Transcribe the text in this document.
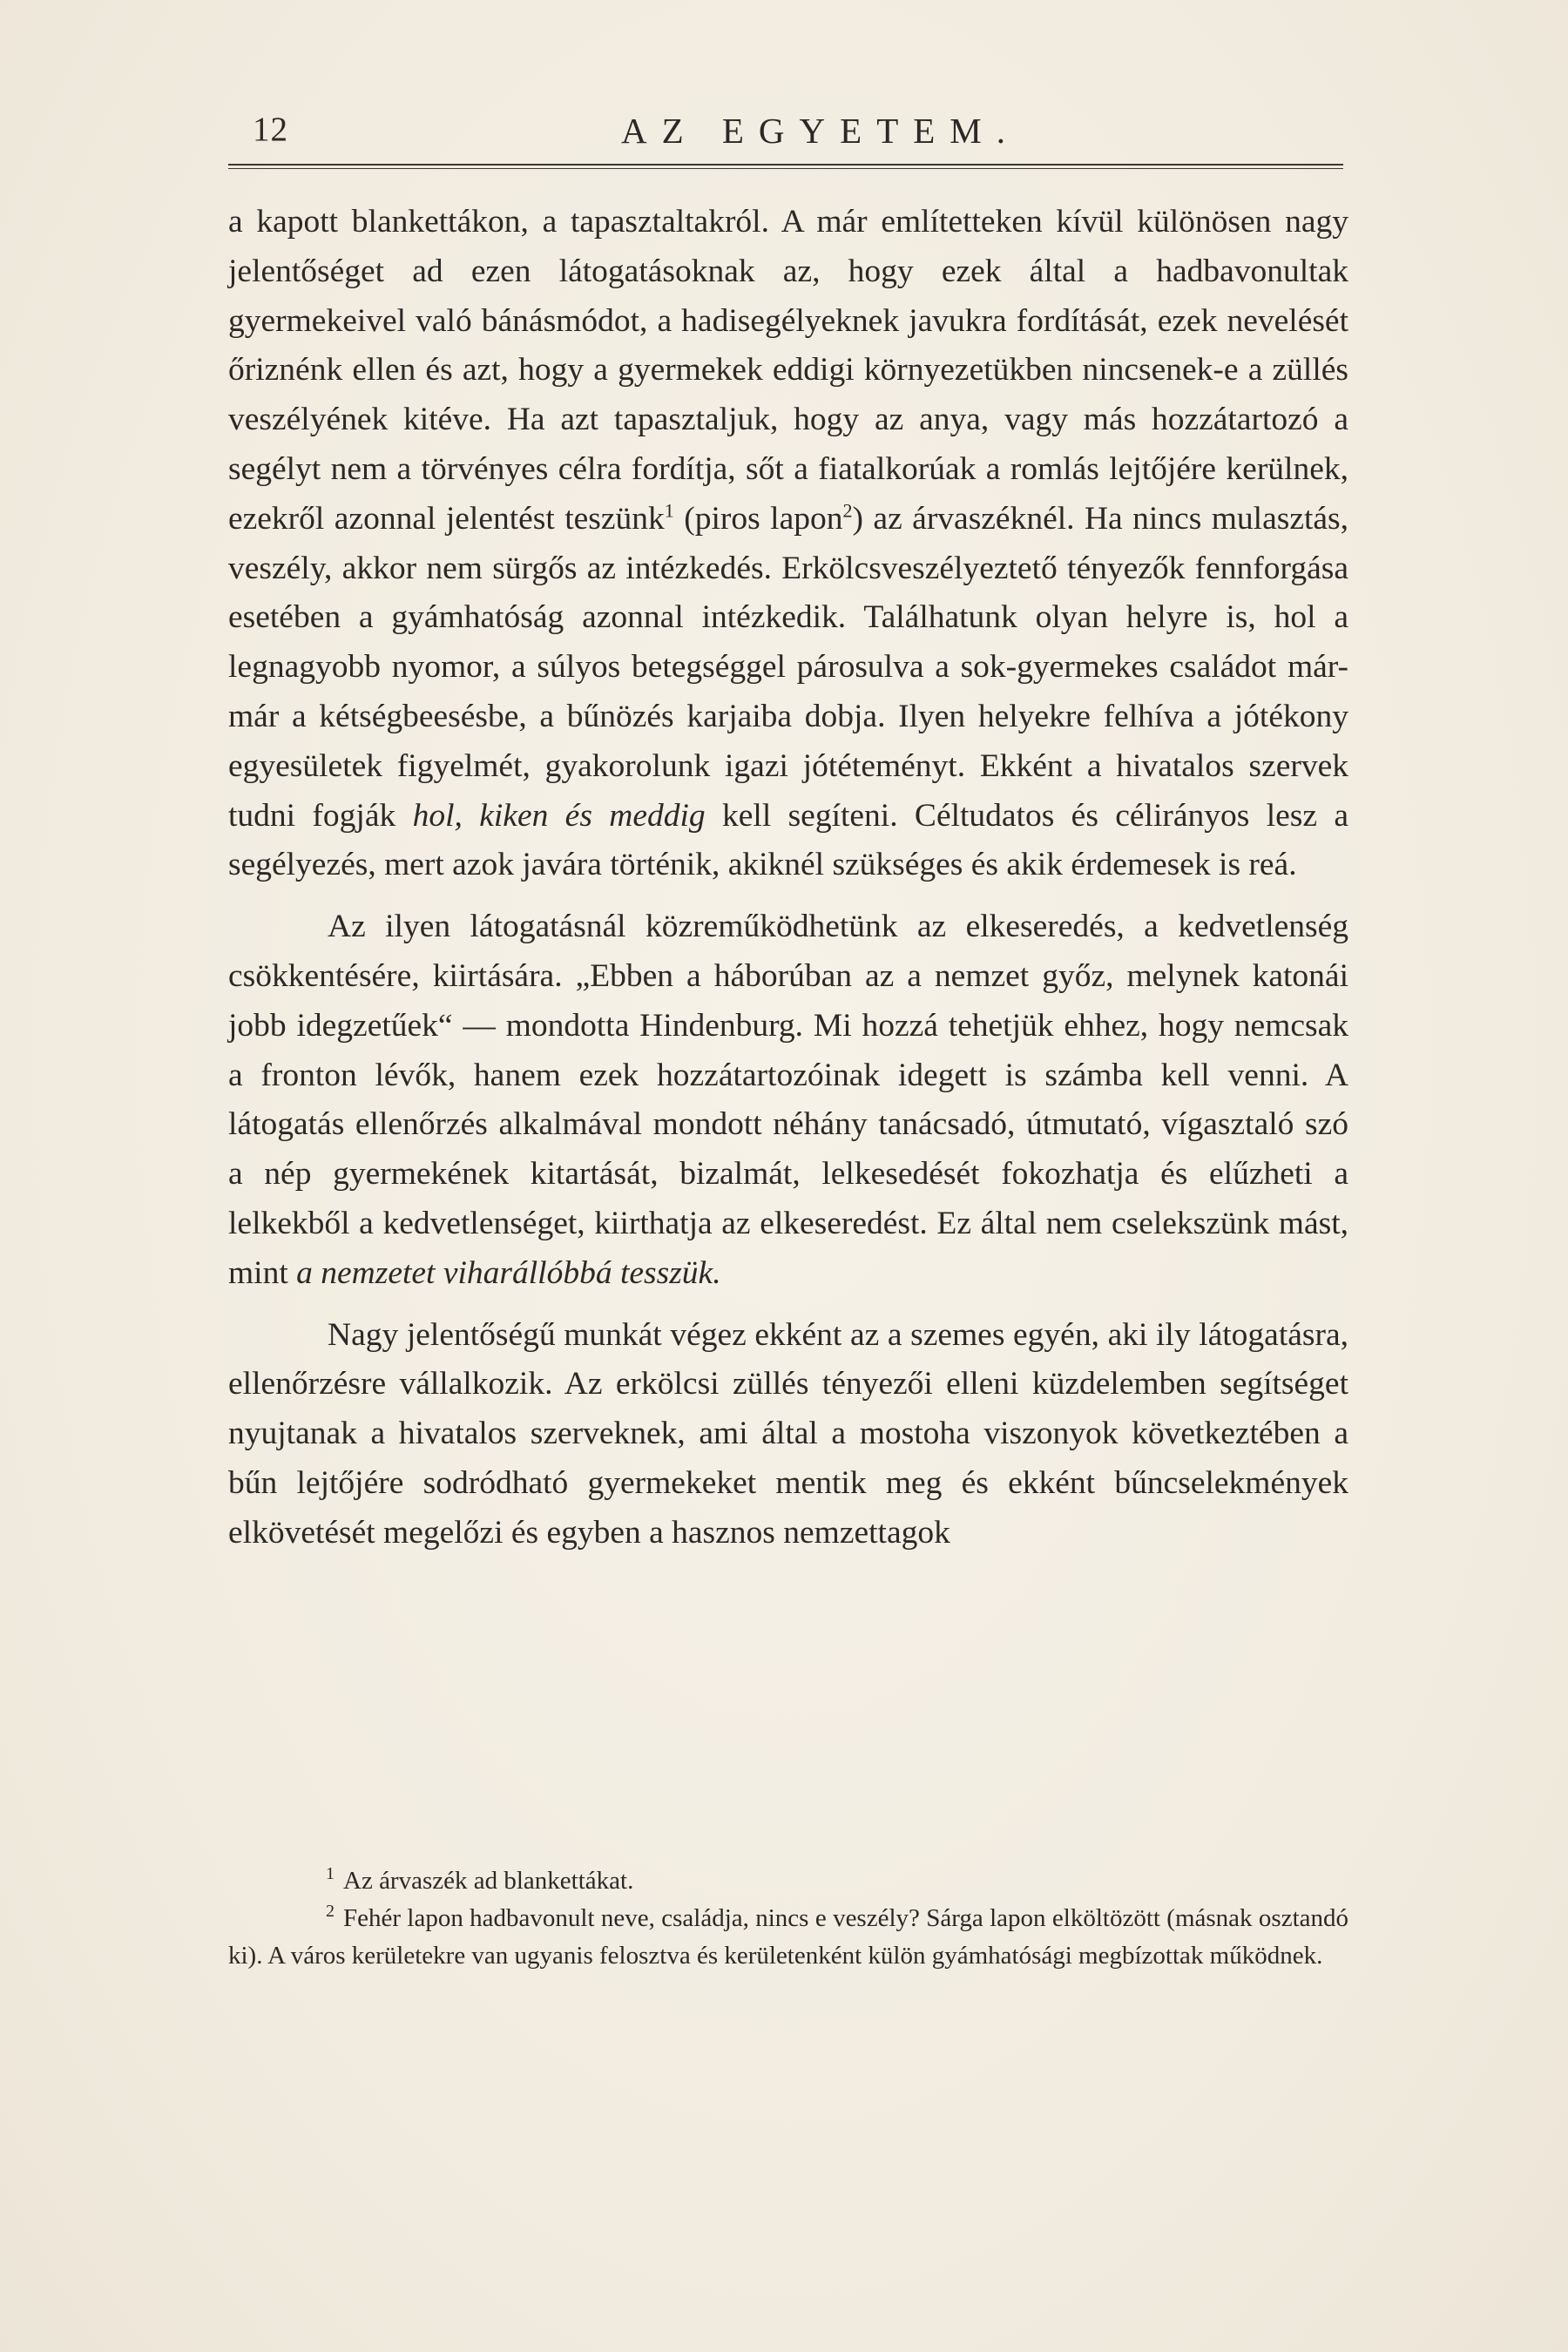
12	AZ EGYETEM.

a kapott blankettákon, a tapasztaltakról. A már említetteken kívül különösen nagy jelentőséget ad ezen látogatásoknak az, hogy ezek által a hadbavonultak gyermekeivel való bánásmódot, a hadisegélyeknek javukra fordítását, ezek nevelését őriznénk ellen és azt, hogy a gyermekek eddigi környezetükben nincsenek-e a züllés veszélyének kitéve. Ha azt tapasztaljuk, hogy az anya, vagy más hozzátartozó a segélyt nem a törvényes célra fordítja, sőt a fiatalkorúak a romlás lejtőjére kerülnek, ezekről azonnal jelentést teszünk$^1$ (piros lapon$^2$) az árvaszéknél. Ha nincs mulasztás, veszély, akkor nem sürgős az intézkedés. Erkölcsveszélyeztető tényezők fennforgása esetében a gyámhatóság azonnal intézkedik. Találhatunk olyan helyre is, hol a legnagyobb nyomor, a súlyos betegséggel párosulva a sok-gyermekes családot már-már a kétségbeesésbe, a bűnözés karjaiba dobja. Ilyen helyekre felhíva a jótékony egyesületek figyelmét, gyakorolunk igazi jótéteményt. Ekként a hivatalos szervek tudni fogják hol, kiken és meddig kell segíteni. Céltudatos és célirányos lesz a segélyezés, mert azok javára történik, akiknél szükséges és akik érdemesek is reá.

Az ilyen látogatásnál közreműködhetünk az elkeseredés, a kedvetlenség csökkentésére, kiirtására. „Ebben a háborúban az a nemzet győz, melynek katonái jobb idegzetűek“ — mondotta Hindenburg. Mi hozzá tehetjük ehhez, hogy nemcsak a fronton lévők, hanem ezek hozzátartozóinak idegett is számba kell venni. A látogatás ellenőrzés alkalmával mondott néhány tanácsadó, útmutató, vígasztaló szó a nép gyermekének kitartását, bizalmát, lelkesedését fokozhatja és elűzheti a lelkekből a kedvetlenséget, kiirthatja az elkeseredést. Ez által nem cselekszünk mást, mint a nemzetet viharállóbbá tesszük.

Nagy jelentőségű munkát végez ekként az a szemes egyén, aki ily látogatásra, ellenőrzésre vállalkozik. Az erkölcsi züllés tényezői elleni küzdelemben segítséget nyujtanak a hivatalos szerveknek, ami által a mostoha viszonyok következtében a bűn lejtőjére sodródható gyermekeket mentik meg és ekként bűncselekmények elkövetését megelőzi és egyben a hasznos nemzettagok

$^1$ Az árvaszék ad blankettákat.

$^2$ Fehér lapon hadbavonult neve, családja, nincs e veszély? Sárga lapon elköltözött (másnak osztandó ki). A város kerületekre van ugyanis felosztva és kerületenként külön gyámhatósági megbízottak működnek.
